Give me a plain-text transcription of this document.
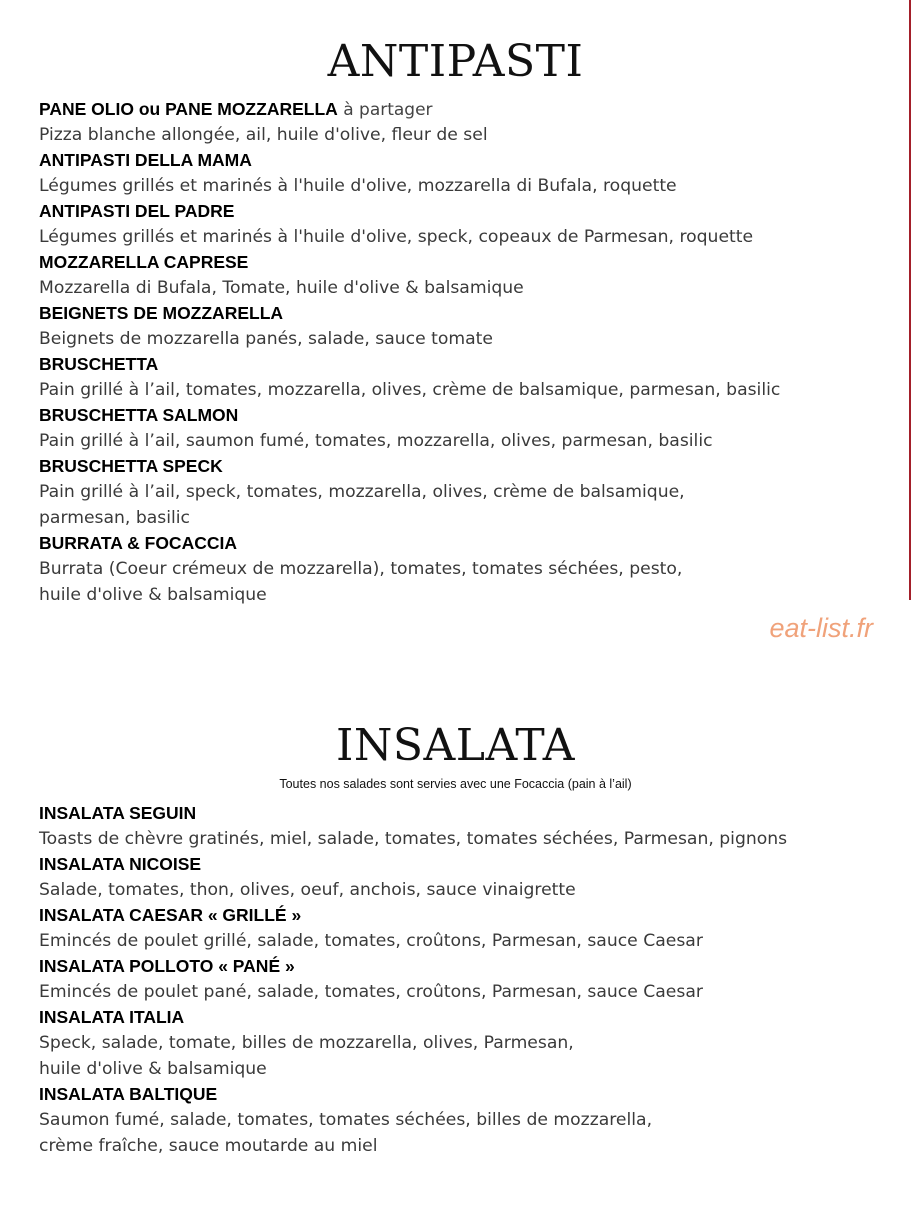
ANTIPASTI
PANE OLIO ou PANE MOZZARELLA à partager
Pizza blanche allongée, ail, huile d'olive, fleur de sel
ANTIPASTI DELLA MAMA
Légumes grillés et marinés à l'huile d'olive, mozzarella di Bufala, roquette
ANTIPASTI DEL PADRE
Légumes grillés et marinés à l'huile d'olive, speck, copeaux de Parmesan, roquette
MOZZARELLA CAPRESE
Mozzarella di Bufala, Tomate, huile d'olive & balsamique
BEIGNETS DE MOZZARELLA
Beignets de mozzarella panés, salade, sauce tomate
BRUSCHETTA
Pain grillé à l’ail, tomates, mozzarella, olives, crème de balsamique, parmesan, basilic
BRUSCHETTA SALMON
Pain grillé à l’ail, saumon fumé, tomates, mozzarella, olives, parmesan, basilic
BRUSCHETTA SPECK
Pain grillé à l’ail, speck, tomates, mozzarella, olives, crème de balsamique,
parmesan, basilic
BURRATA & FOCACCIA
Burrata (Coeur crémeux de mozzarella), tomates, tomates séchées, pesto,
huile d'olive & balsamique
eat-list.fr
INSALATA
Toutes nos salades sont servies avec une Focaccia (pain à l’ail)
INSALATA SEGUIN
Toasts de chèvre gratinés, miel, salade, tomates, tomates séchées, Parmesan, pignons
INSALATA NICOISE
Salade, tomates, thon, olives, oeuf, anchois, sauce vinaigrette
INSALATA CAESAR « GRILLÉ »
Emincés de poulet grillé, salade, tomates, croûtons, Parmesan, sauce Caesar
INSALATA POLLOTO « PANÉ »
Emincés de poulet pané, salade, tomates, croûtons, Parmesan, sauce Caesar
INSALATA ITALIA
Speck, salade, tomate, billes de mozzarella, olives, Parmesan,
huile d'olive & balsamique
INSALATA BALTIQUE
Saumon fumé, salade, tomates, tomates séchées, billes de mozzarella,
crème fraîche, sauce moutarde au miel
